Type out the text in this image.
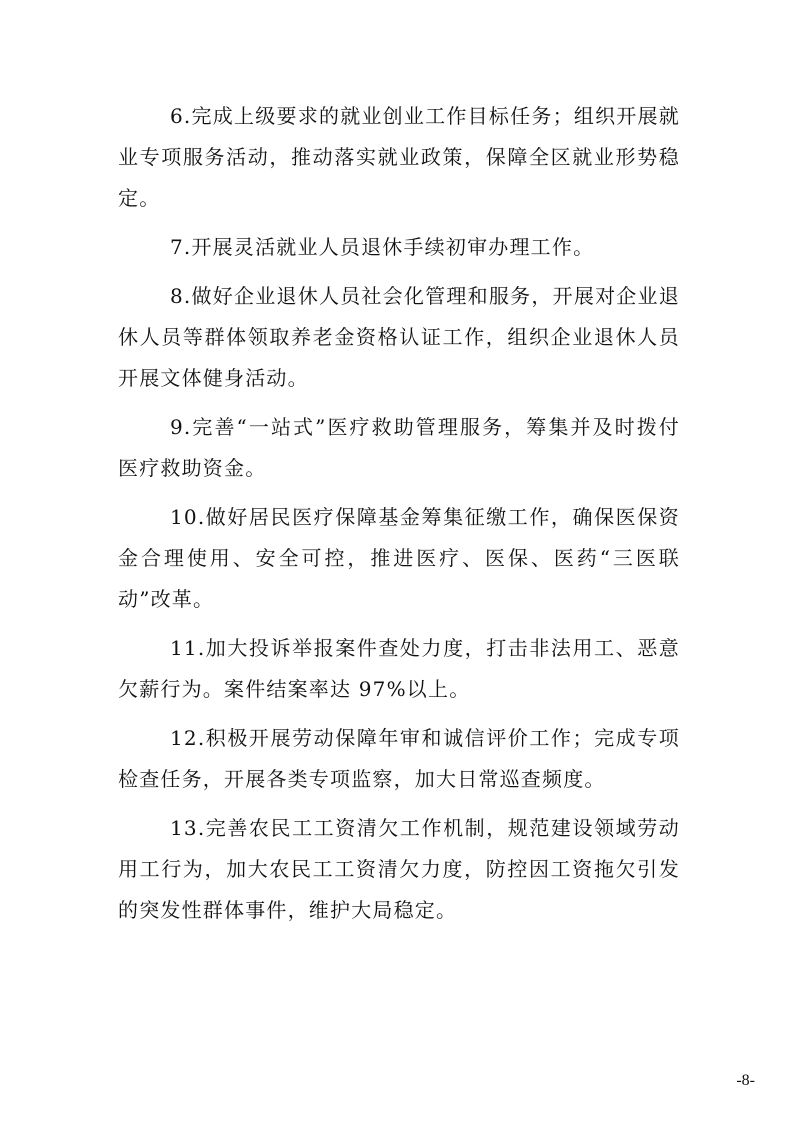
6.完成上级要求的就业创业工作目标任务；组织开展就业专项服务活动，推动落实就业政策，保障全区就业形势稳定。

7.开展灵活就业人员退休手续初审办理工作。

8.做好企业退休人员社会化管理和服务，开展对企业退休人员等群体领取养老金资格认证工作，组织企业退休人员开展文体健身活动。

9.完善“一站式”医疗救助管理服务，筹集并及时拨付医疗救助资金。

10.做好居民医疗保障基金筹集征缴工作，确保医保资金合理使用、安全可控，推进医疗、医保、医药“三医联动”改革。

11.加大投诉举报案件查处力度，打击非法用工、恶意欠薪行为。案件结案率达 97%以上。

12.积极开展劳动保障年审和诚信评价工作；完成专项检查任务，开展各类专项监察，加大日常巡查频度。

13.完善农民工工资清欠工作机制，规范建设领域劳动用工行为，加大农民工工资清欠力度，防控因工资拖欠引发的突发性群体事件，维护大局稳定。

-8-
